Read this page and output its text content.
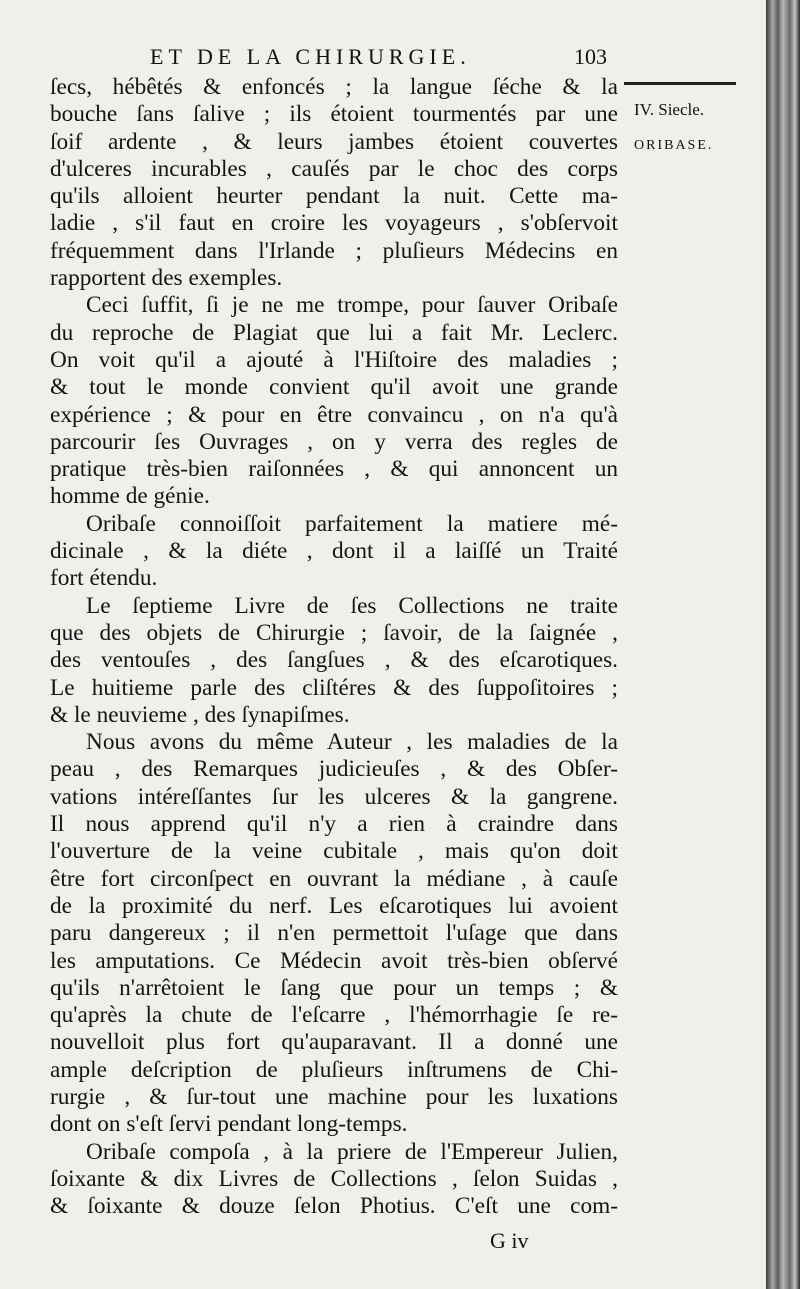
ET DE LA CHIRURGIE.	103
IV. Siecle.
ORIBASE.
ſecs, hébêtés & enfoncés ; la langue ſéche & la
bouche ſans ſalive ; ils étoient tourmentés par une
ſoif ardente , & leurs jambes étoient couvertes
d'ulceres incurables , cauſés par le choc des corps
qu'ils alloient heurter pendant la nuit. Cette ma-
ladie , s'il faut en croire les voyageurs , s'obſervoit
fréquemment dans l'Irlande ; pluſieurs Médecins en
rapportent des exemples.
Ceci ſuffit, ſi je ne me trompe, pour ſauver Oribaſe
du reproche de Plagiat que lui a fait Mr. Leclerc.
On voit qu'il a ajouté à l'Hiſtoire des maladies ;
& tout le monde convient qu'il avoit une grande
expérience ; & pour en être convaincu , on n'a qu'à
parcourir ſes Ouvrages , on y verra des regles de
pratique très-bien raiſonnées , & qui annoncent un
homme de génie.
Oribaſe connoiſſoit parfaitement la matiere mé-
dicinale , & la diéte , dont il a laiſſé un Traité
fort étendu.
Le ſeptieme Livre de ſes Collections ne traite
que des objets de Chirurgie ; ſavoir, de la ſaignée ,
des ventouſes , des ſangſues , & des eſcarotiques.
Le huitieme parle des cliſtéres & des ſuppoſitoires ;
& le neuvieme , des ſynapiſmes.
Nous avons du même Auteur , les maladies de la
peau , des Remarques judicieuſes , & des Obſer-
vations intéreſſantes ſur les ulceres & la gangrene.
Il nous apprend qu'il n'y a rien à craindre dans
l'ouverture de la veine cubitale , mais qu'on doit
être fort circonſpect en ouvrant la médiane , à cauſe
de la proximité du nerf. Les eſcarotiques lui avoient
paru dangereux ; il n'en permettoit l'uſage que dans
les amputations. Ce Médecin avoit très-bien obſervé
qu'ils n'arrêtoient le ſang que pour un temps ; &
qu'après la chute de l'eſcarre , l'hémorrhagie ſe re-
nouvelloit plus fort qu'auparavant. Il a donné une
ample deſcription de pluſieurs inſtrumens de Chi-
rurgie , & ſur-tout une machine pour les luxations
dont on s'eſt ſervi pendant long-temps.
Oribaſe compoſa , à la priere de l'Empereur Julien,
ſoixante & dix Livres de Collections , ſelon Suidas ,
& ſoixante & douze ſelon Photius. C'eſt une com-
G iv
